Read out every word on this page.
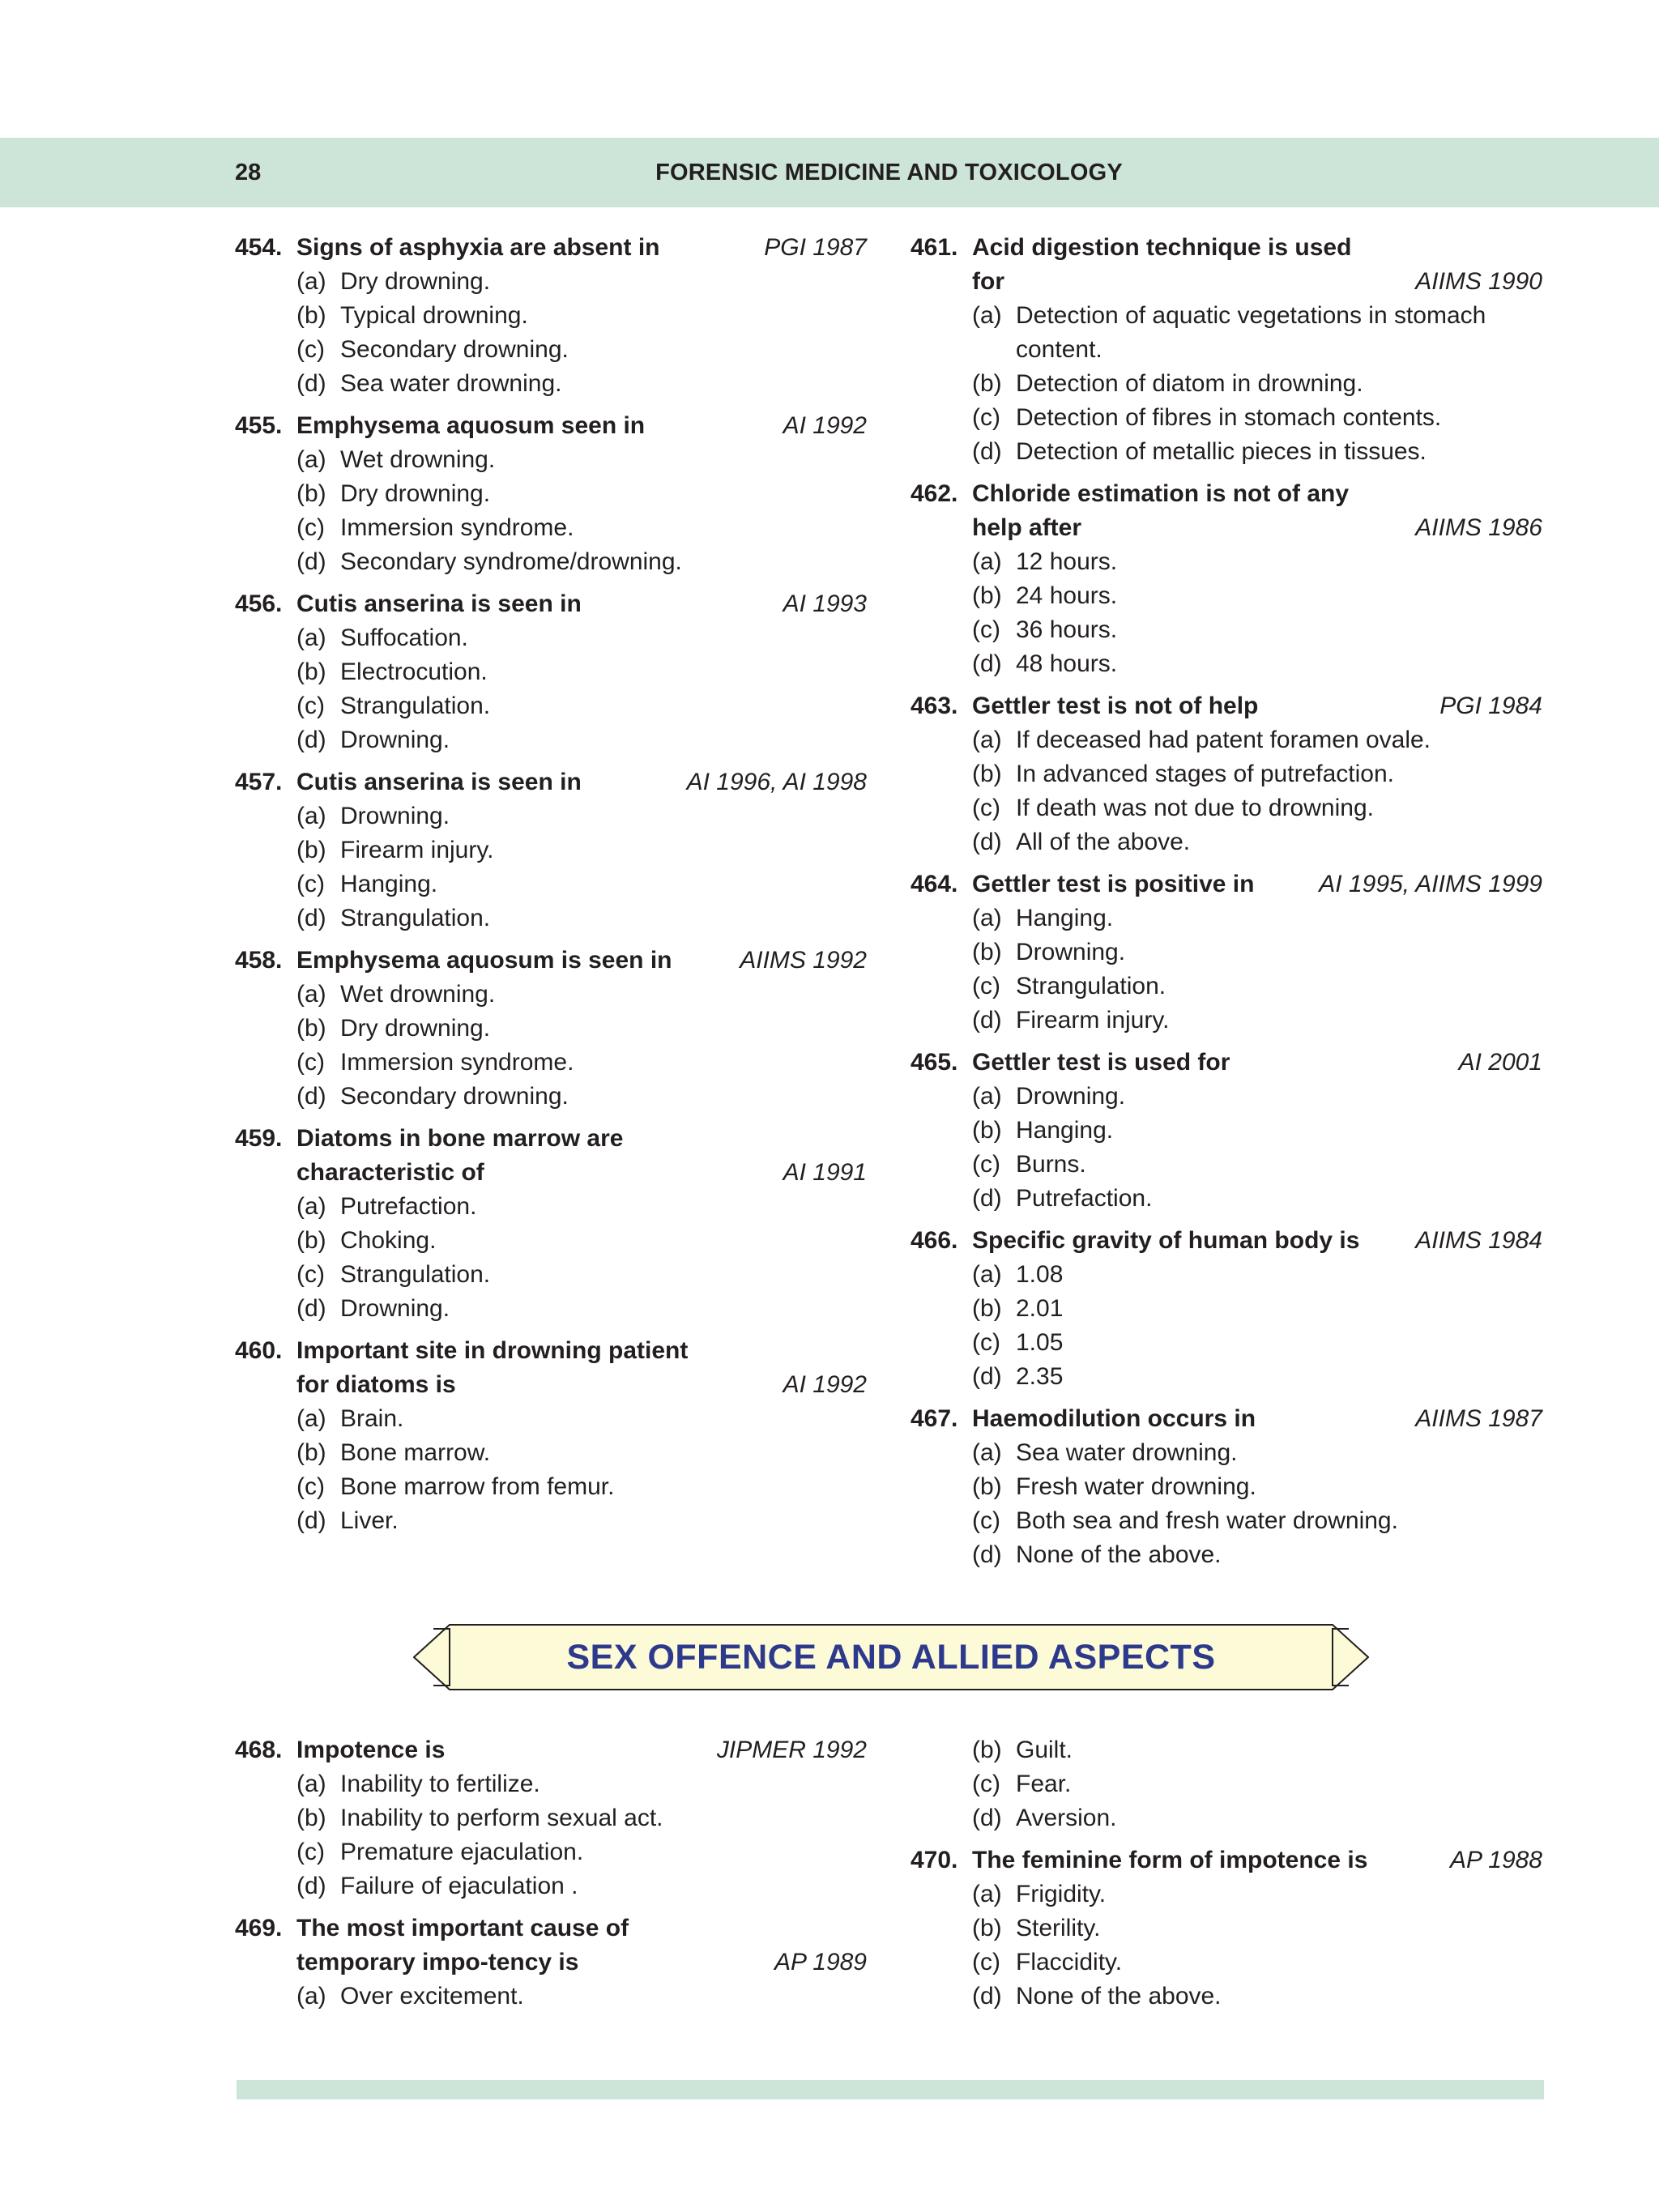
28	FORENSIC MEDICINE AND TOXICOLOGY
454. Signs of asphyxia are absent in	PGI 1987
(a) Dry drowning.
(b) Typical drowning.
(c) Secondary drowning.
(d) Sea water drowning.
455. Emphysema aquosum seen in	AI 1992
(a) Wet drowning.
(b) Dry drowning.
(c) Immersion syndrome.
(d) Secondary syndrome/drowning.
456. Cutis anserina is seen in	AI 1993
(a) Suffocation.
(b) Electrocution.
(c) Strangulation.
(d) Drowning.
457. Cutis anserina is seen in	AI 1996, AI 1998
(a) Drowning.
(b) Firearm injury.
(c) Hanging.
(d) Strangulation.
458. Emphysema aquosum is seen in	AIIMS 1992
(a) Wet drowning.
(b) Dry drowning.
(c) Immersion syndrome.
(d) Secondary drowning.
459. Diatoms in bone marrow are characteristic of	AI 1991
(a) Putrefaction.
(b) Choking.
(c) Strangulation.
(d) Drowning.
460. Important site in drowning patient for diatoms is	AI 1992
(a) Brain.
(b) Bone marrow.
(c) Bone marrow from femur.
(d) Liver.
461. Acid digestion technique is used for	AIIMS 1990
(a) Detection of aquatic vegetations in stomach content.
(b) Detection of diatom in drowning.
(c) Detection of fibres in stomach contents.
(d) Detection of metallic pieces in tissues.
462. Chloride estimation is not of any help after	AIIMS 1986
(a) 12 hours.
(b) 24 hours.
(c) 36 hours.
(d) 48 hours.
463. Gettler test is not of help	PGI 1984
(a) If deceased had patent foramen ovale.
(b) In advanced stages of putrefaction.
(c) If death was not due to drowning.
(d) All of the above.
464. Gettler test is positive in	AI 1995, AIIMS 1999
(a) Hanging.
(b) Drowning.
(c) Strangulation.
(d) Firearm injury.
465. Gettler test is used for	AI 2001
(a) Drowning.
(b) Hanging.
(c) Burns.
(d) Putrefaction.
466. Specific gravity of human body is	AIIMS 1984
(a) 1.08
(b) 2.01
(c) 1.05
(d) 2.35
467. Haemodilution occurs in	AIIMS 1987
(a) Sea water drowning.
(b) Fresh water drowning.
(c) Both sea and fresh water drowning.
(d) None of the above.
SEX OFFENCE AND ALLIED ASPECTS
468. Impotence is	JIPMER 1992
(a) Inability to fertilize.
(b) Inability to perform sexual act.
(c) Premature ejaculation.
(d) Failure of ejaculation .
469. The most important cause of temporary impo-tency is	AP 1989
(a) Over excitement.
(b) Guilt.
(c) Fear.
(d) Aversion.
470. The feminine form of impotence is	AP 1988
(a) Frigidity.
(b) Sterility.
(c) Flaccidity.
(d) None of the above.
